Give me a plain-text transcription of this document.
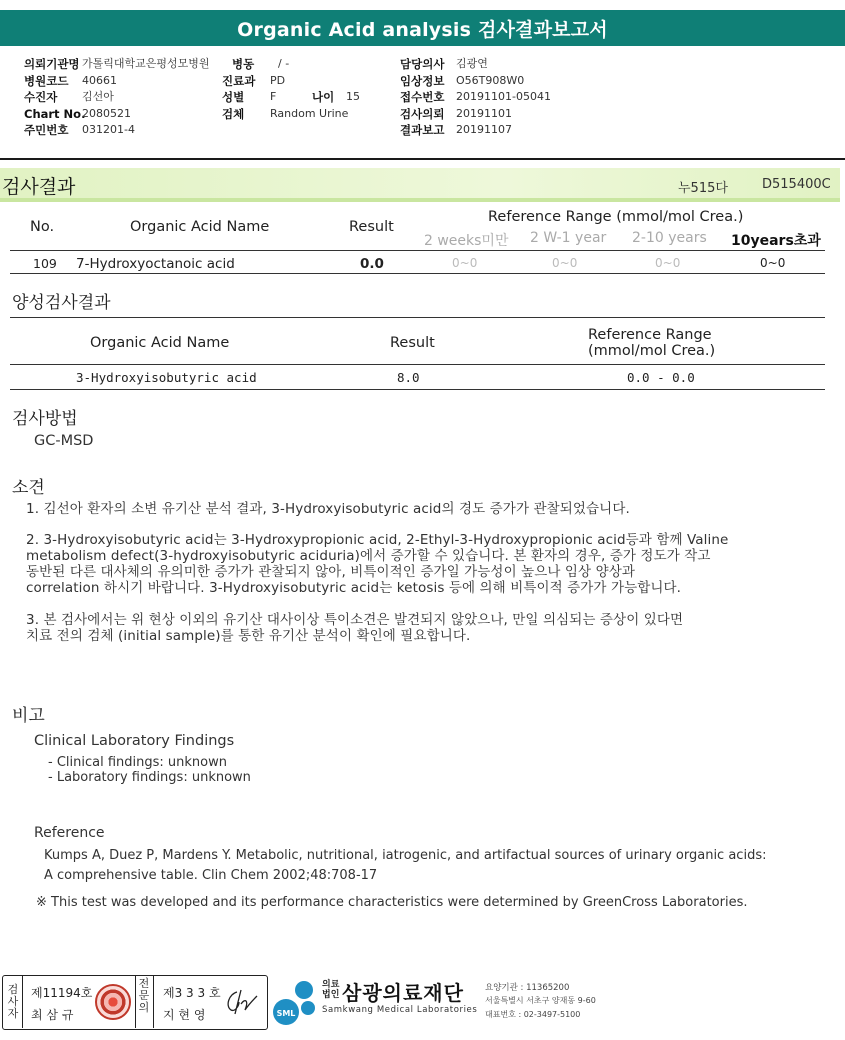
Organic Acid analysis 검사결과보고서
의뢰기관명 가톨릭대학교은평성모병원	병동	/ -
병원코드	40661	진료과	PD
수진자	김선아	성별	F	나이	15
Chart No.
2080521	검체	Random Urine
주민번호	031201-4
담당의사	김광연
임상정보	O56T908W0
접수번호	20191101-05041
검사의뢰	20191101
결과보고	20191107
검사결과	누515다	D515400C
No.	Organic Acid Name	Result
Reference Range (mmol/mol Crea.)
2 weeks미만 2 W-1 year 2-10 years 10years초과
109 7-Hydroxyoctanoic acid	0.0	0~0	0~0	0~0	0~0
양성검사결과
Organic Acid Name	Result	Reference Range
(mmol/mol Crea.)
3-Hydroxyisobutyric acid	8.0	0.0 - 0.0
검사방법
GC-MSD
소견
1. 김선아 환자의 소변 유기산 분석 결과, 3-Hydroxyisobutyric acid의 경도 증가가 관찰되었습니다.
2. 3-Hydroxyisobutyric acid는 3-Hydroxypropionic acid, 2-Ethyl-3-Hydroxypropionic acid등과 함께 Valine
metabolism defect(3-hydroxyisobutyric aciduria)에서 증가할 수 있습니다. 본 환자의 경우, 증가 정도가 작고
동반된 다른 대사체의 유의미한 증가가 관찰되지 않아, 비특이적인 증가일 가능성이 높으나 임상 양상과
correlation 하시기 바랍니다. 3-Hydroxyisobutyric acid는 ketosis 등에 의해 비특이적 증가가 가능합니다.
3. 본 검사에서는 위 현상 이외의 유기산 대사이상 특이소견은 발견되지 않았으나, 만일 의심되는 증상이 있다면
치료 전의 검체 (initial sample)를 통한 유기산 분석이 확인에 필요합니다.
비고
Clinical Laboratory Findings
- Clinical findings: unknown
- Laboratory findings: unknown
Reference
Kumps A, Duez P, Mardens Y. Metabolic, nutritional, iatrogenic, and artifactual sources of urinary organic acids:
A comprehensive table. Clin Chem 2002;48:708-17
※ This test was developed and its performance characteristics were determined by GreenCross Laboratories.
검사자
제11194호
최 삼 규
전문의
제3 3 3 호
지 현 영	SML
의료법인 삼광의료재단
Samkwang Medical Laboratories
요양기관 : 11365200
서울특별시 서초구 양재동 9-60
대표번호 : 02-3497-5100
